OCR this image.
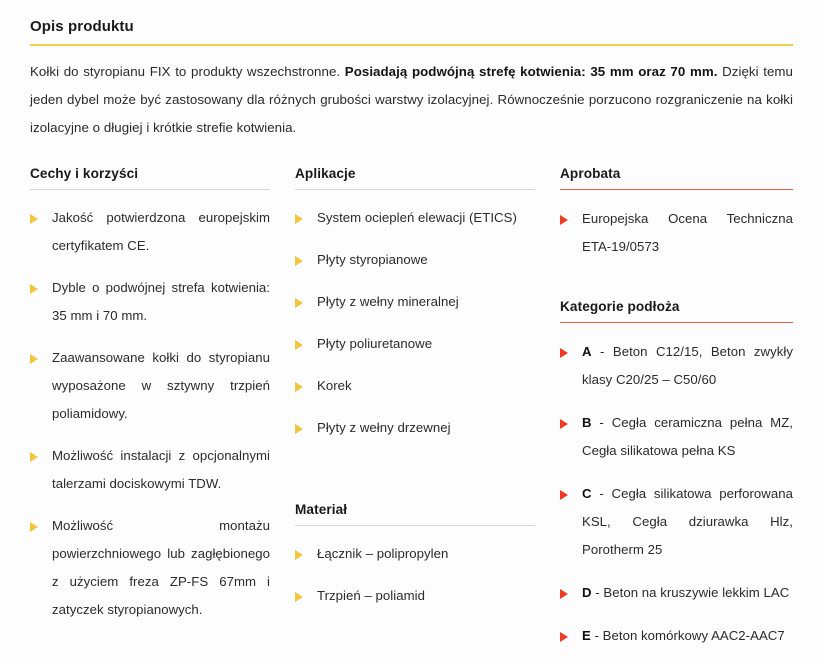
Opis produktu

Kołki do styropianu FIX to produkty wszechstronne. Posiadają podwójną strefę kotwienia: 35 mm oraz 70 mm. Dzięki temu jeden dybel może być zastosowany dla różnych grubości warstwy izolacyjnej. Równocześnie porzucono rozgraniczenie na kołki izolacyjne o długiej i krótkie strefie kotwienia.

Cechy i korzyści
Jakość potwierdzona europejskim certyfikatem CE.
Dyble o podwójnej strefa kotwienia: 35 mm i 70 mm.
Zaawansowane kołki do styropianu wyposażone w sztywny trzpień poliamidowy.
Możliwość instalacji z opcjonalnymi talerzami dociskowymi TDW.
Możliwość montażu powierzchniowego lub zagłębionego z użyciem freza ZP-FS 67mm i zatyczek styropianowych.
Aplikacje
System ociepleń elewacji (ETICS)
Płyty styropianowe
Płyty z wełny mineralnej
Płyty poliuretanowe
Korek
Płyty z wełny drzewnej
Materiał
Łącznik – polipropylen
Trzpień – poliamid
Aprobata
Europejska Ocena Techniczna ETA-19/0573
Kategorie podłoża
A - Beton C12/15, Beton zwykły klasy C20/25 – C50/60
B - Cegła ceramiczna pełna MZ, Cegła silikatowa pełna KS
C - Cegła silikatowa perforowana KSL, Cegła dziurawka Hlz, Porotherm 25
D - Beton na kruszywie lekkim LAC
E - Beton komórkowy AAC2-AAC7
